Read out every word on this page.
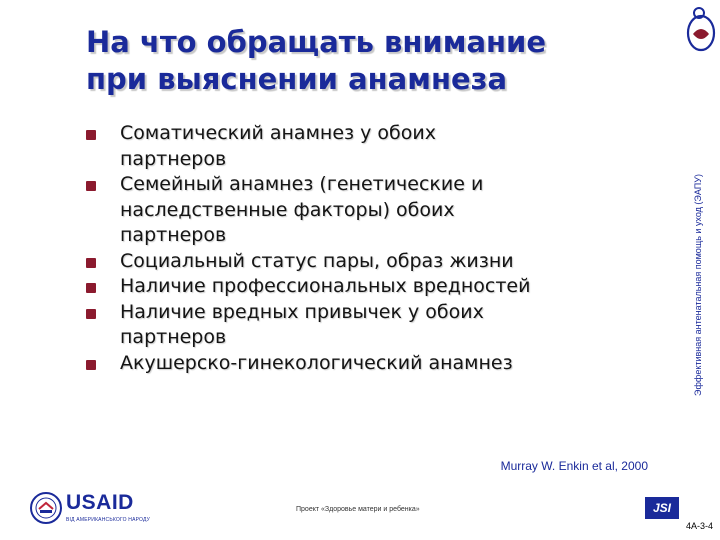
На что обращать внимание
при выяснении анамнеза
Соматический анамнез у обоих
партнеров
Семейный анамнез (генетические и
наследственные факторы) обоих
партнеров
Социальный статус пары, образ жизни
Наличие профессиональных вредностей
Наличие вредных привычек у обоих
партнеров
Акушерско-гинекологический анамнез	Эффективная антенатальная помощь и уход (ЭАПУ)
Murray W. Enkin et al, 2000
USAID
ВІД АМЕРИКАНСЬКОГО НАРОДУ
Проект «Здоровье матери и ребенка»	JSI
4A-3-4
